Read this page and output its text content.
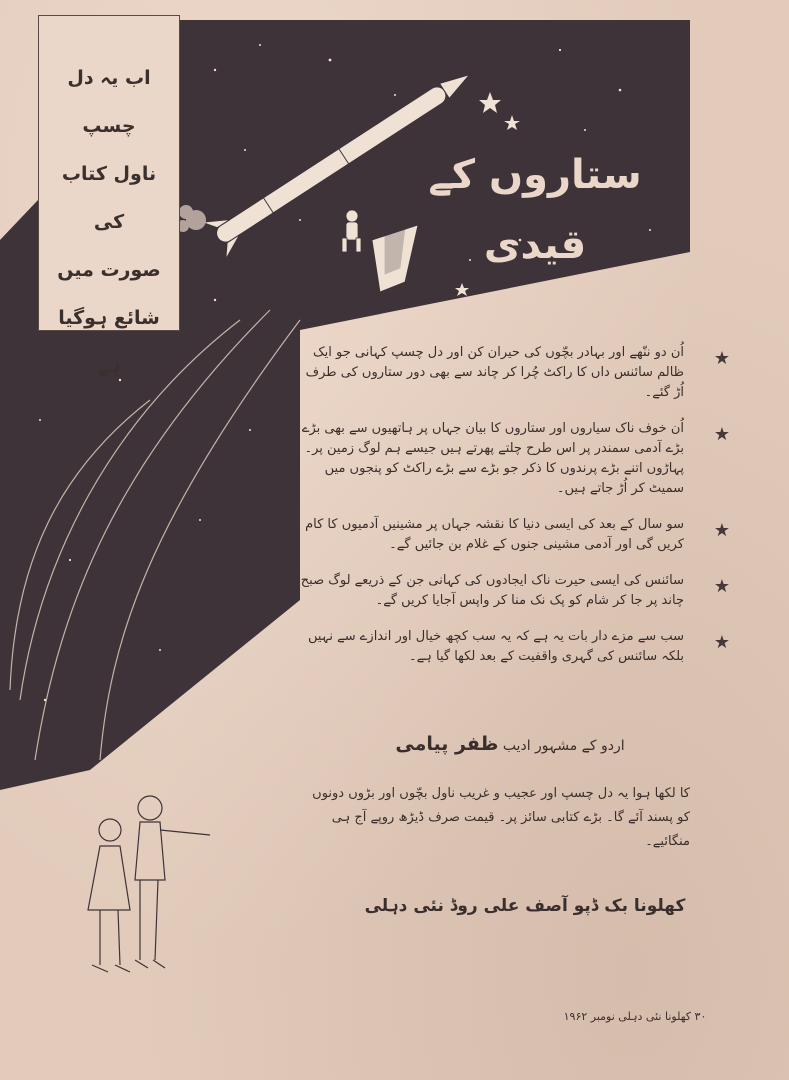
اب یہ دل چسپ
ناول کتاب کی
صورت میں
شائع ہوگیا ہے
ستاروں کے قیدی
★
اُن دو ننّھے اور بہادر بچّوں کی حیران کن اور دل چسپ کہانی جو ایک ظالم سائنس داں کا راکٹ چُرا کر چاند سے بھی دور ستاروں کی طرف اُڑ گئے۔
★
اُن خوف ناک سیاروں اور ستاروں کا بیان جہاں پر ہاتھیوں سے بھی بڑے بڑے آدمی سمندر پر اس طرح چلتے پھرتے ہیں جیسے ہم لوگ زمین پر۔ پہاڑوں اتنے بڑے پرندوں کا ذکر جو بڑے سے بڑے راکٹ کو پنجوں میں سمیٹ کر اُڑ جاتے ہیں۔
★
سو سال کے بعد کی ایسی دنیا کا نقشہ جہاں پر مشینیں آدمیوں کا کام کریں گی اور آدمی مشینی جنوں کے غلام بن جائیں گے۔
★
سائنس کی ایسی حیرت ناک ایجادوں کی کہانی جن کے ذریعے لوگ صبح چاند پر جا کر شام کو پک نک منا کر واپس آجایا کریں گے۔
★
سب سے مزے دار بات یہ ہے کہ یہ سب کچھ خیال اور اندازے سے نہیں بلکہ سائنس کی گہری واقفیت کے بعد لکھا گیا ہے۔
اردو کے مشہور ادیب ظفر پیامی
کا لکھا ہوا یہ دل چسپ اور عجیب و غریب ناول بچّوں اور بڑوں دونوں کو پسند آئے گا۔ بڑے کتابی سائز پر۔ قیمت صرف ڈیڑھ روپے آج ہی منگائیے۔
کھلونا بک ڈپو آصف علی روڈ نئی دہلی
۳۰ کھلونا نئی دہلی نومبر ۱۹۶۲
